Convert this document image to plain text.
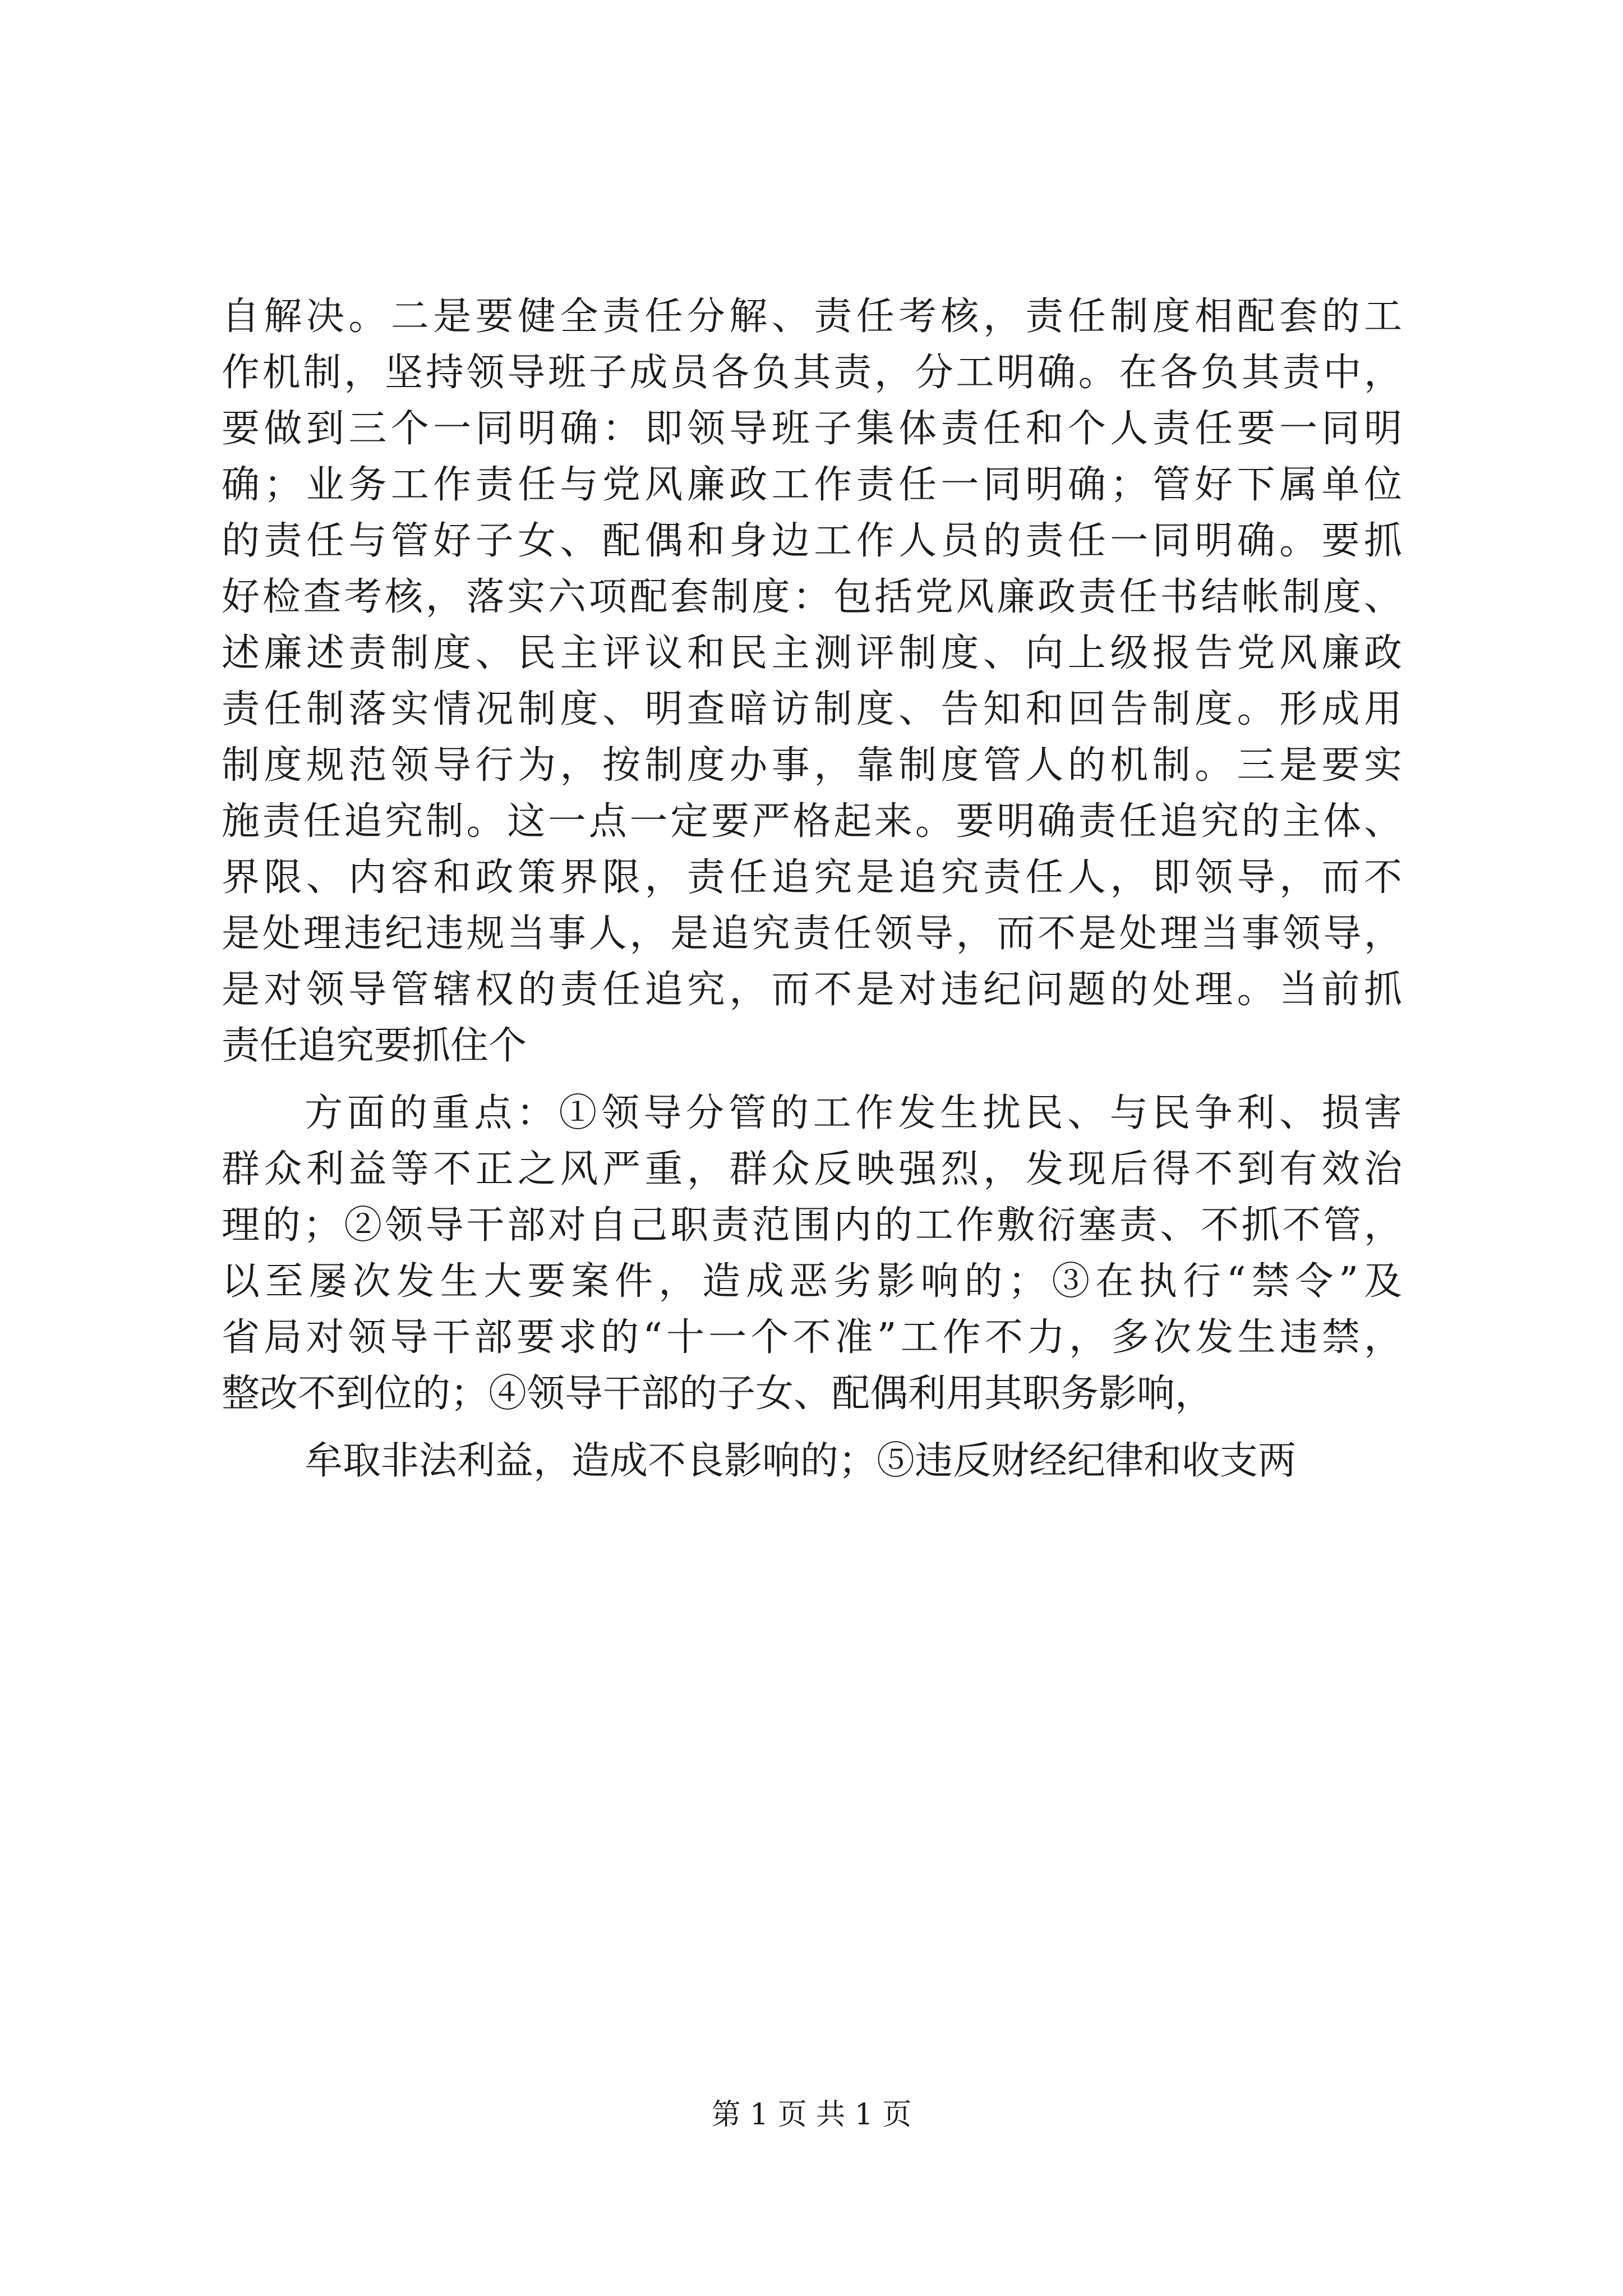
自解决。二是要健全责任分解、责任考核，责任制度相配套的工
作机制，坚持领导班子成员各负其责，分工明确。在各负其责中，
要做到三个一同明确：即领导班子集体责任和个人责任要一同明
确；业务工作责任与党风廉政工作责任一同明确；管好下属单位
的责任与管好子女、配偶和身边工作人员的责任一同明确。要抓
好检查考核，落实六项配套制度：包括党风廉政责任书结帐制度、
述廉述责制度、民主评议和民主测评制度、向上级报告党风廉政
责任制落实情况制度、明查暗访制度、告知和回告制度。形成用
制度规范领导行为，按制度办事，靠制度管人的机制。三是要实
施责任追究制。这一点一定要严格起来。要明确责任追究的主体、
界限、内容和政策界限，责任追究是追究责任人，即领导，而不
是处理违纪违规当事人，是追究责任领导，而不是处理当事领导，
是对领导管辖权的责任追究，而不是对违纪问题的处理。当前抓
责任追究要抓住个
方面的重点：①领导分管的工作发生扰民、与民争利、损害
群众利益等不正之风严重，群众反映强烈，发现后得不到有效治
理的；②领导干部对自己职责范围内的工作敷衍塞责、不抓不管，
以至屡次发生大要案件，造成恶劣影响的；③在执行“禁令”及
省局对领导干部要求的“十一个不准”工作不力，多次发生违禁，
整改不到位的；④领导干部的子女、配偶利用其职务影响，
牟取非法利益，造成不良影响的；⑤违反财经纪律和收支两
第 1 页 共 1 页
